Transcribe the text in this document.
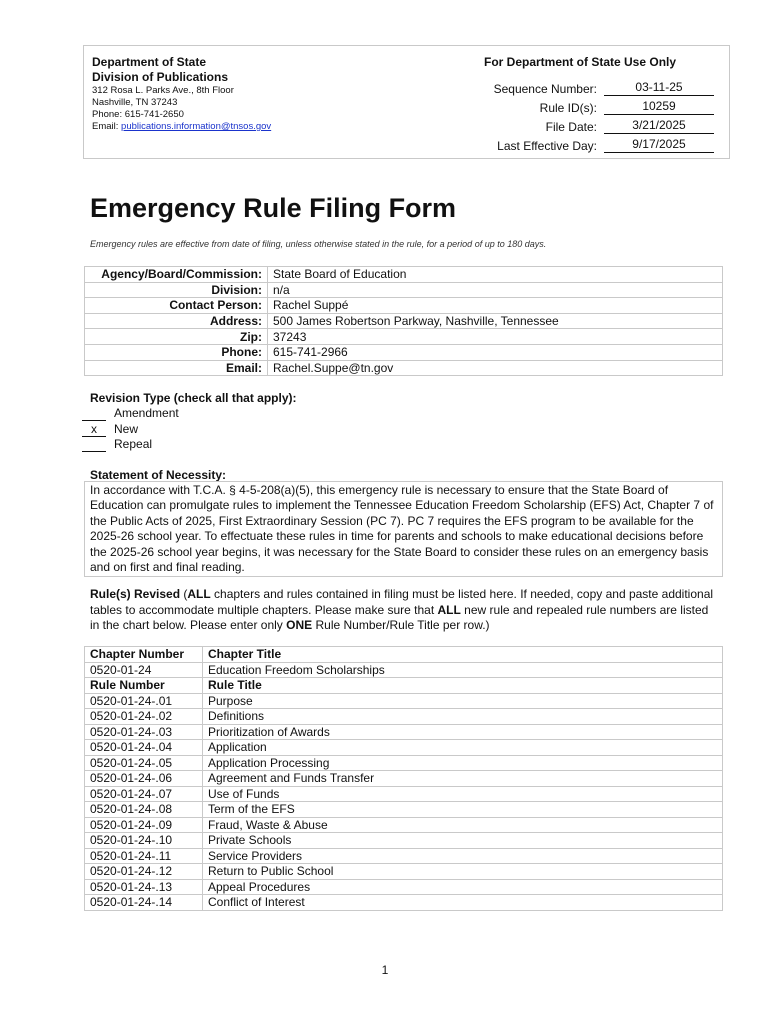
Department of State
Division of Publications
312 Rosa L. Parks Ave., 8th Floor
Nashville, TN 37243
Phone: 615-741-2650
Email: publications.information@tnsos.gov
For Department of State Use Only
Sequence Number:	03-11-25
Rule ID(s):	10259
File Date:	3/21/2025
Last Effective Day:	9/17/2025
Emergency Rule Filing Form
Emergency rules are effective from date of filing, unless otherwise stated in the rule, for a period of up to 180 days.
Agency/Board/Commission:	State Board of Education
Division:	n/a
Contact Person:	Rachel Suppé
Address:	500 James Robertson Parkway, Nashville, Tennessee
Zip:	37243
Phone:	615-741-2966
Email:	Rachel.Suppe@tn.gov
Revision Type (check all that apply):
Amendment
x	New
Repeal
Statement of Necessity:
In accordance with T.C.A. § 4-5-208(a)(5), this emergency rule is necessary to ensure that the State Board of Education can promulgate rules to implement the Tennessee Education Freedom Scholarship (EFS) Act, Chapter 7 of the Public Acts of 2025, First Extraordinary Session (PC 7). PC 7 requires the EFS program to be available for the 2025-26 school year. To effectuate these rules in time for parents and schools to make educational decisions before the 2025-26 school year begins, it was necessary for the State Board to consider these rules on an emergency basis and on first and final reading.
Rule(s) Revised (ALL chapters and rules contained in filing must be listed here. If needed, copy and paste additional tables to accommodate multiple chapters. Please make sure that ALL new rule and repealed rule numbers are listed in the chart below. Please enter only ONE Rule Number/Rule Title per row.)
Chapter Number	Chapter Title
0520-01-24	Education Freedom Scholarships
Rule Number	Rule Title
0520-01-24-.01	Purpose
0520-01-24-.02	Definitions
0520-01-24-.03	Prioritization of Awards
0520-01-24-.04	Application
0520-01-24-.05	Application Processing
0520-01-24-.06	Agreement and Funds Transfer
0520-01-24-.07	Use of Funds
0520-01-24-.08	Term of the EFS
0520-01-24-.09	Fraud, Waste & Abuse
0520-01-24-.10	Private Schools
0520-01-24-.11	Service Providers
0520-01-24-.12	Return to Public School
0520-01-24-.13	Appeal Procedures
0520-01-24-.14	Conflict of Interest
1
